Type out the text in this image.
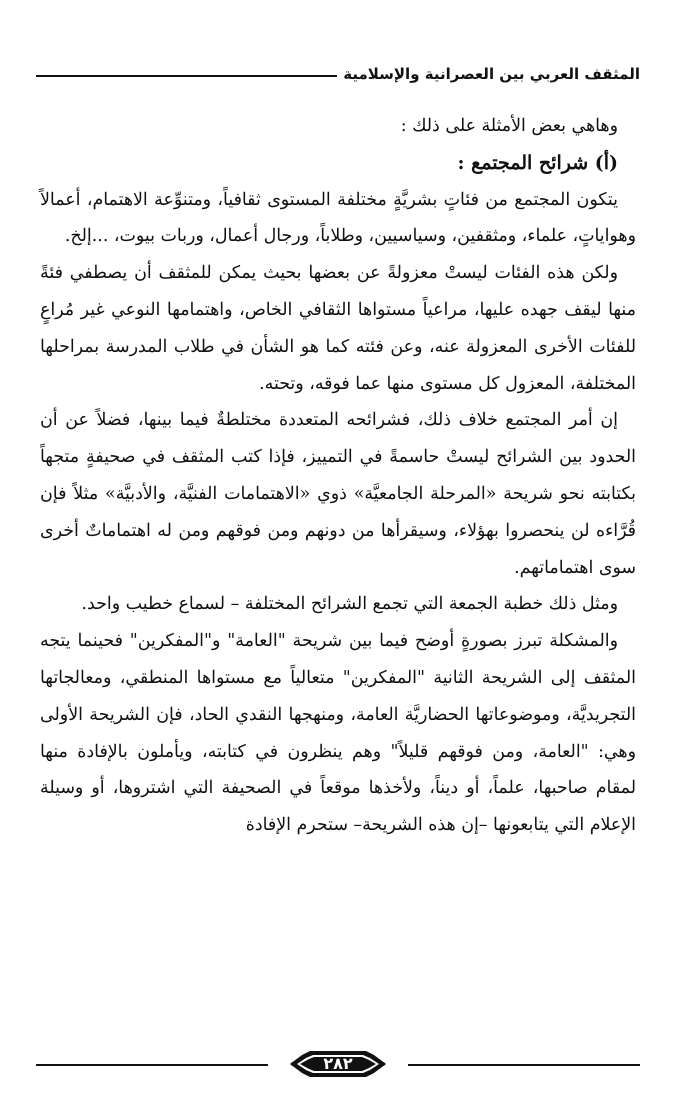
المثقف العربي بين العصرانية والإسلامية

وهاهي بعض الأمثلة على ذلك :

(أ) شرائح المجتمع :

يتكون المجتمع من فئاتٍ بشريَّةٍ مختلفة المستوى ثقافياً، ومتنوِّعة الاهتمام، أعمالاً وهواياتٍ، علماء، ومثقفين، وسياسيين، وطلاباً، ورجال أعمال، وربات بيوت، ...إلخ.

ولكن هذه الفئات ليستْ معزولةً عن بعضها بحيث يمكن للمثقف أن يصطفي فئةً منها ليقف جهده عليها، مراعياً مستواها الثقافي الخاص، واهتمامها النوعي غير مُراعٍ للفئات الأخرى المعزولة عنه، وعن فئته كما هو الشأن في طلاب المدرسة بمراحلها المختلفة، المعزول كل مستوى منها عما فوقه، وتحته.

إن أمر المجتمع خلاف ذلك، فشرائحه المتعددة مختلطةٌ فيما بينها، فضلاً عن أن الحدود بين الشرائح ليستْ حاسمةً في التمييز، فإذا كتب المثقف في صحيفةٍ متجهاً بكتابته نحو شريحة «المرحلة الجامعيَّة» ذوي «الاهتمامات الفنيَّة، والأدبيَّة» مثلاً فإن قُرَّاءه لن ينحصروا بهؤلاء، وسيقرأها من دونهم ومن فوقهم ومن له اهتماماتٌ أخرى سوى اهتماماتهم.

ومثل ذلك خطبة الجمعة التي تجمع الشرائح المختلفة – لسماع خطيب واحد.

والمشكلة تبرز بصورةٍ أوضح فيما بين شريحة "العامة" و"المفكرين" فحينما يتجه المثقف إلى الشريحة الثانية "المفكرين" متعالياً مع مستواها المنطقي، ومعالجاتها التجريديَّة، وموضوعاتها الحضاريَّة العامة، ومنهجها النقدي الحاد، فإن الشريحة الأولى وهي: "العامة، ومن فوقهم قليلاً" وهم ينظرون في كتابته، ويأملون بالإفادة منها لمقام صاحبها، علماً، أو ديناً، ولأخذها موقعاً في الصحيفة التي اشتروها، أو وسيلة الإعلام التي يتابعونها –إن هذه الشريحة– ستحرم الإفادة

٢٨٢
